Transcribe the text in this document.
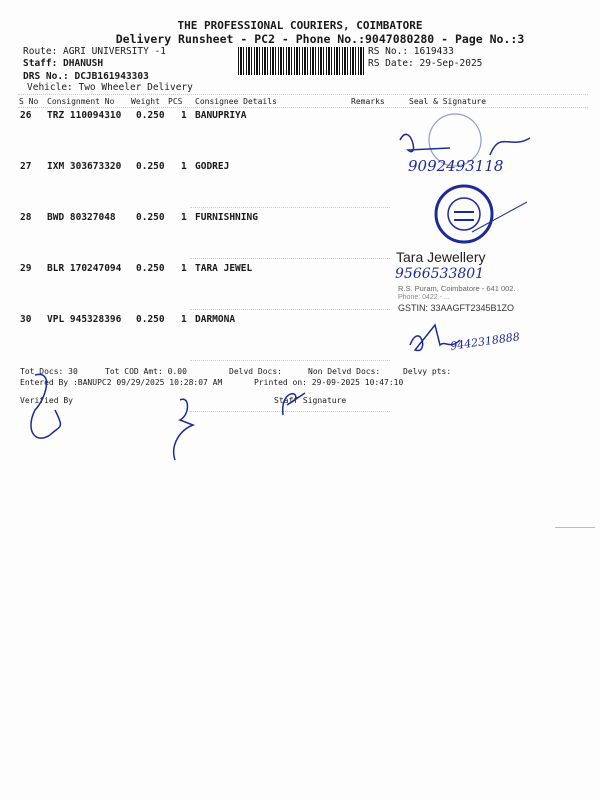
THE PROFESSIONAL COURIERS, COIMBATORE
Delivery Runsheet - PC2 - Phone No.:9047080280 - Page No.:3
Route: AGRI UNIVERSITY -1
Staff: DHANUSH
DRS No.: DCJB161943303
Vehicle: Two Wheeler Delivery
RS No.: 1619433
RS Date: 29-Sep-2025
S No Consignment No Weight PCS Consignee Details	Remarks	Seal & Signature
26 TRZ 110094310 0.250 1 BANUPRIYA
27 IXM 303673320 0.250 1 GODREJ
28 BWD 80327048 0.250 1 FURNISHNING
29 BLR 170247094 0.250 1 TARA JEWEL
30 VPL 945328396 0.250 1 DARMONA
9092493118
Tara Jewellery
9566533801
R.S. Puram, Coimbatore - 641 002.
Phone: 0422 - ...
GSTIN: 33AAGFT2345B1ZO
9442318888
Tot Docs: 30	Tot COD Amt: 0.00	Delvd Docs:	Non Delvd Docs:	Delvy pts:
Entered By :BANUPC2 09/29/2025 10:28:07 AM	Printed on: 29-09-2025 10:47:10
Verified By	Staff Signature
